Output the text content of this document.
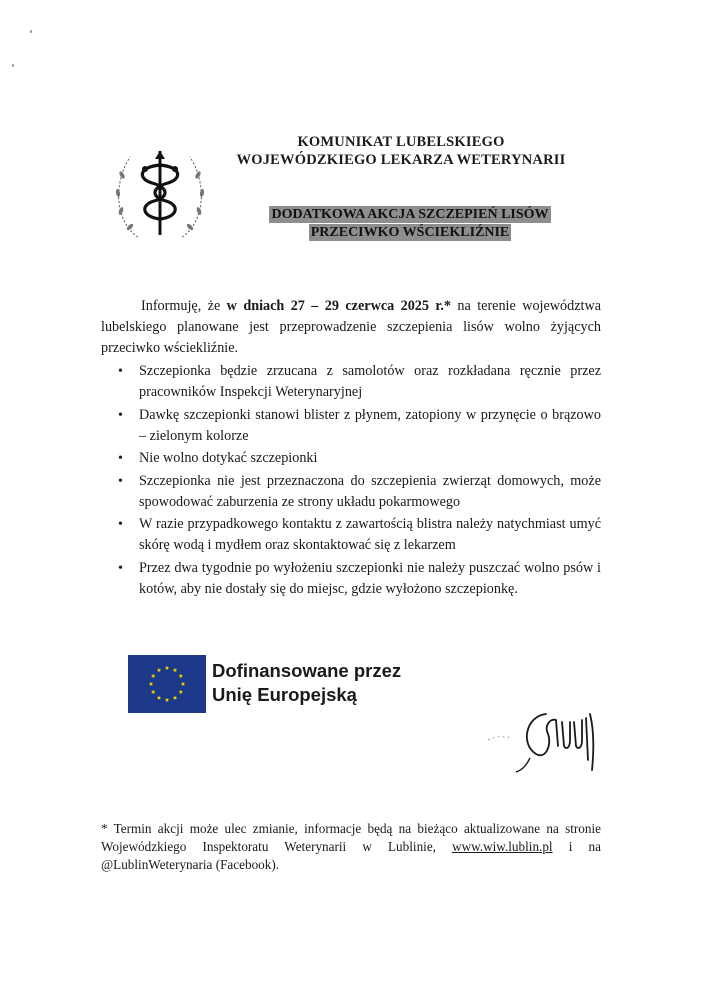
KOMUNIKAT LUBELSKIEGO
WOJEWÓDZKIEGO LEKARZA WETERYNARII
DODATKOWA AKCJA SZCZEPIEŃ LISÓW
PRZECIWKO WŚCIEKLIŹNIE

Informuję, że w dniach 27 – 29 czerwca 2025 r.* na terenie województwa lubelskiego planowane jest przeprowadzenie szczepienia lisów wolno żyjących przeciwko wściekliźnie.

• Szczepionka będzie zrzucana z samolotów oraz rozkładana ręcznie przez pracowników Inspekcji Weterynaryjnej
• Dawkę szczepionki stanowi blister z płynem, zatopiony w przynęcie o brązowo – zielonym kolorze
• Nie wolno dotykać szczepionki
• Szczepionka nie jest przeznaczona do szczepienia zwierząt domowych, może spowodować zaburzenia ze strony układu pokarmowego
• W razie przypadkowego kontaktu z zawartością blistra należy natychmiast umyć skórę wodą i mydłem oraz skontaktować się z lekarzem
• Przez dwa tygodnie po wyłożeniu szczepionki nie należy puszczać wolno psów i kotów, aby nie dostały się do miejsc, gdzie wyłożono szczepionkę.
Dofinansowane przez
Unię Europejską
* Termin akcji może ulec zmianie, informacje będą na bieżąco aktualizowane na stronie Wojewódzkiego Inspektoratu Weterynarii w Lublinie, www.wiw.lublin.pl i na @LublinWeterynaria (Facebook).
